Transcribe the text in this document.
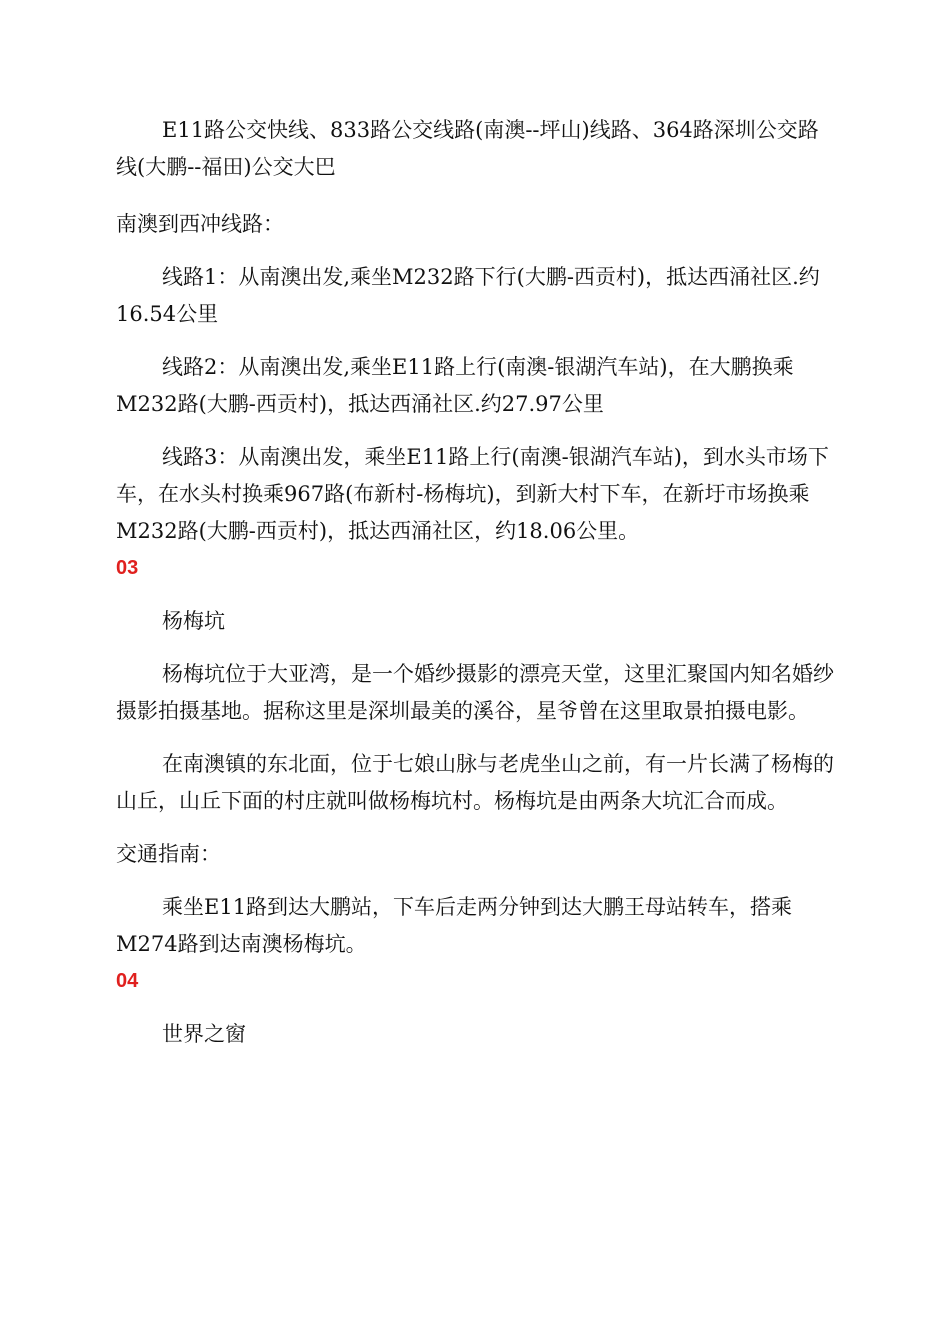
E11路公交快线、833路公交线路(南澳--坪山)线路、364路深圳公交路线(大鹏--福田)公交大巴

南澳到西冲线路：

线路1：从南澳出发,乘坐M232路下行(大鹏-西贡村)，抵达西涌社区.约16.54公里

线路2：从南澳出发,乘坐E11路上行(南澳-银湖汽车站)，在大鹏换乘M232路(大鹏-西贡村)，抵达西涌社区.约27.97公里

线路3：从南澳出发，乘坐E11路上行(南澳-银湖汽车站)，到水头市场下车，在水头村换乘967路(布新村-杨梅坑)，到新大村下车，在新圩市场换乘M232路(大鹏-西贡村)，抵达西涌社区，约18.06公里。

03

杨梅坑

杨梅坑位于大亚湾，是一个婚纱摄影的漂亮天堂，这里汇聚国内知名婚纱摄影拍摄基地。据称这里是深圳最美的溪谷，星爷曾在这里取景拍摄电影。

在南澳镇的东北面，位于七娘山脉与老虎坐山之前，有一片长满了杨梅的山丘，山丘下面的村庄就叫做杨梅坑村。杨梅坑是由两条大坑汇合而成。

交通指南：

乘坐E11路到达大鹏站，下车后走两分钟到达大鹏王母站转车，搭乘M274路到达南澳杨梅坑。

04

世界之窗
